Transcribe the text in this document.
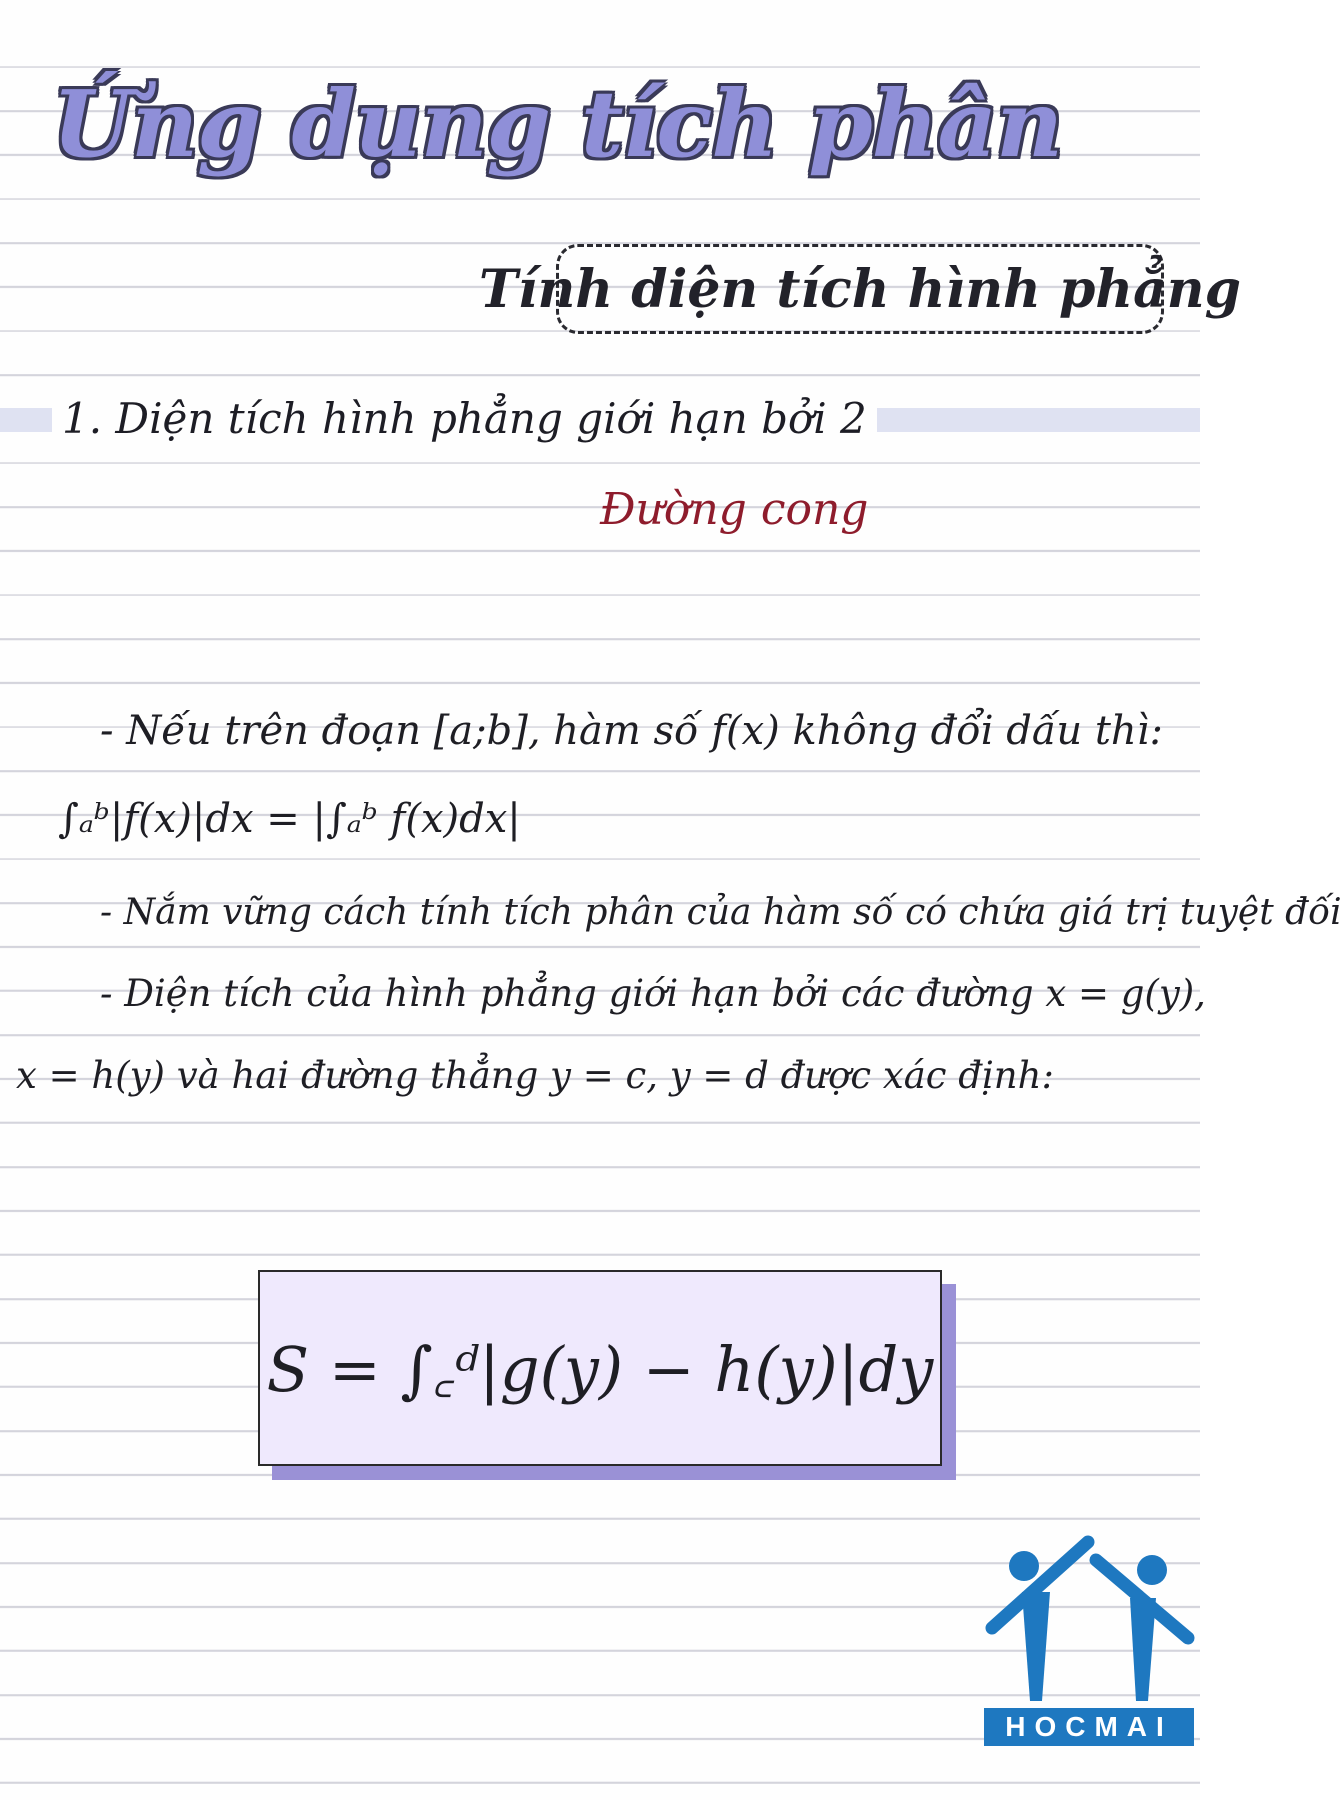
Ứng dụng tích phân
Tính diện tích hình phẳng
1. Diện tích hình phẳng giới hạn bởi 2
Đường cong
- Nếu trên đoạn [a;b], hàm số f(x) không đổi dấu thì:
∫ₐᵇ|f(x)|dx = |∫ₐᵇ f(x)dx|
- Nắm vững cách tính tích phân của hàm số có chứa giá trị tuyệt đối
- Diện tích của hình phẳng giới hạn bởi các đường x = g(y),
x = h(y) và hai đường thẳng y = c, y = d được xác định:
S = ∫꜀ᵈ|g(y) − h(y)|dy
HOCMAI
